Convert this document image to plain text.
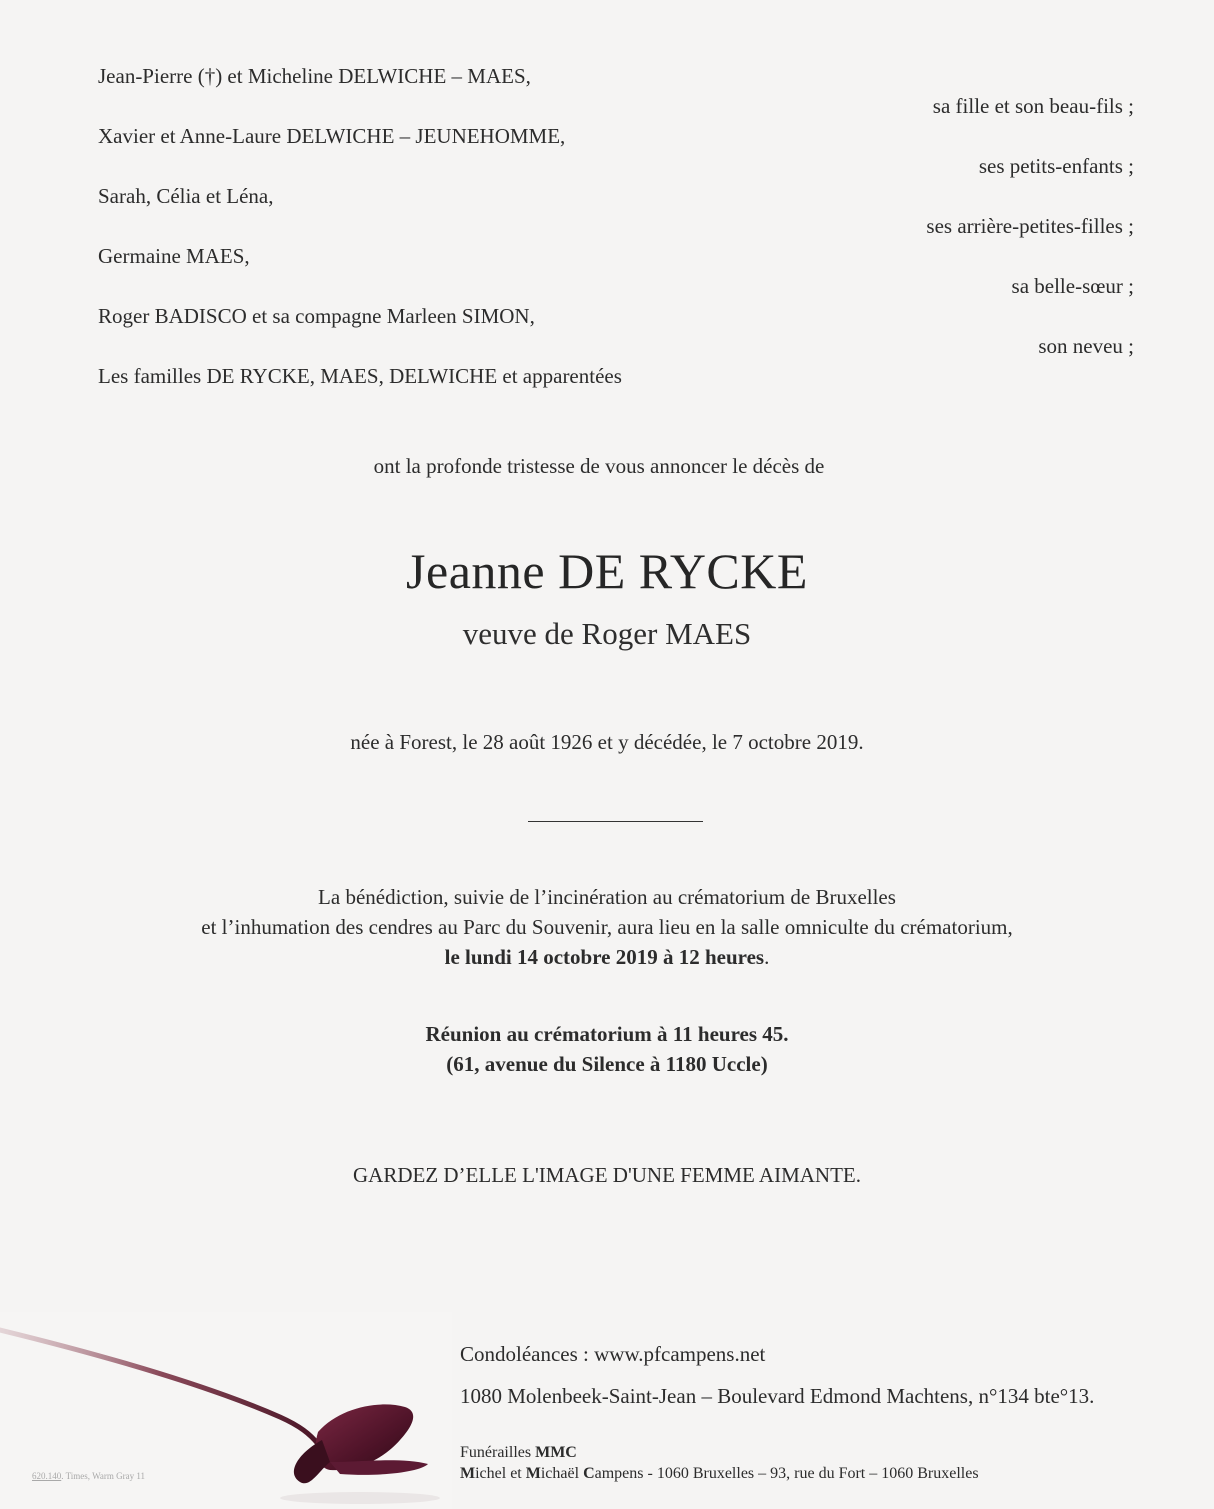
Jean-Pierre (†) et Micheline DELWICHE – MAES,
sa fille et son beau-fils ;
Xavier et Anne-Laure DELWICHE – JEUNEHOMME,
ses petits-enfants ;
Sarah, Célia et Léna,
ses arrière-petites-filles ;
Germaine MAES,
sa belle-sœur ;
Roger BADISCO et sa compagne Marleen SIMON,
son neveu ;
Les familles DE RYCKE, MAES, DELWICHE et apparentées
ont la profonde tristesse de vous annoncer le décès de
Jeanne DE RYCKE
veuve de Roger MAES
née à Forest, le 28 août 1926 et y décédée, le 7 octobre 2019.
La bénédiction, suivie de l’incinération au crématorium de Bruxelles
et l’inhumation des cendres au Parc du Souvenir, aura lieu en la salle omniculte du crématorium,
le lundi 14 octobre 2019 à 12 heures.
Réunion au crématorium à 11 heures 45.
(61, avenue du Silence à 1180 Uccle)
GARDEZ D’ELLE L'IMAGE D'UNE FEMME AIMANTE.
620.140. Times, Warm Gray 11
Condoléances : www.pfcampens.net
1080 Molenbeek-Saint-Jean – Boulevard Edmond Machtens, n°134 bte°13.
Funérailles MMC
Michel et Michaël Campens - 1060 Bruxelles – 93, rue du Fort – 1060 Bruxelles
